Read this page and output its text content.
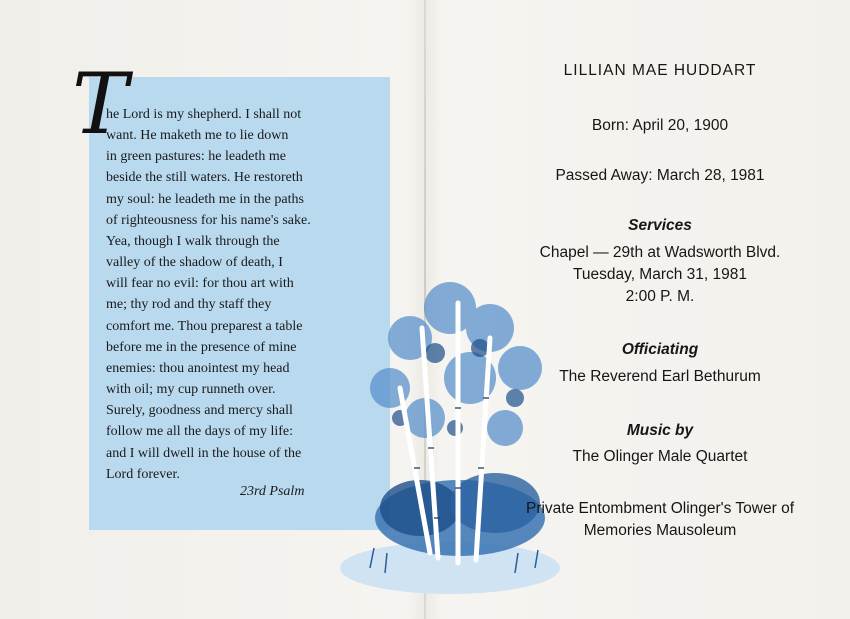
T
he Lord is my shepherd. I shall not
want. He maketh me to lie down
in green pastures: he leadeth me
beside the still waters. He restoreth
my soul: he leadeth me in the paths
of righteousness for his name's sake.
Yea, though I walk through the
valley of the shadow of death, I
will fear no evil: for thou art with
me; thy rod and thy staff they
comfort me. Thou preparest a table
before me in the presence of mine
enemies: thou anointest my head
with oil; my cup runneth over.
Surely, goodness and mercy shall
follow me all the days of my life:
and I will dwell in the house of the
Lord forever.
23rd Psalm
LILLIAN MAE HUDDART
Born: April 20, 1900
Passed Away: March 28, 1981
Services
Chapel — 29th at Wadsworth Blvd.
Tuesday, March 31, 1981
2:00 P. M.
Officiating
The Reverend Earl Bethurum
Music by
The Olinger Male Quartet
Private Entombment Olinger's Tower of
Memories Mausoleum
